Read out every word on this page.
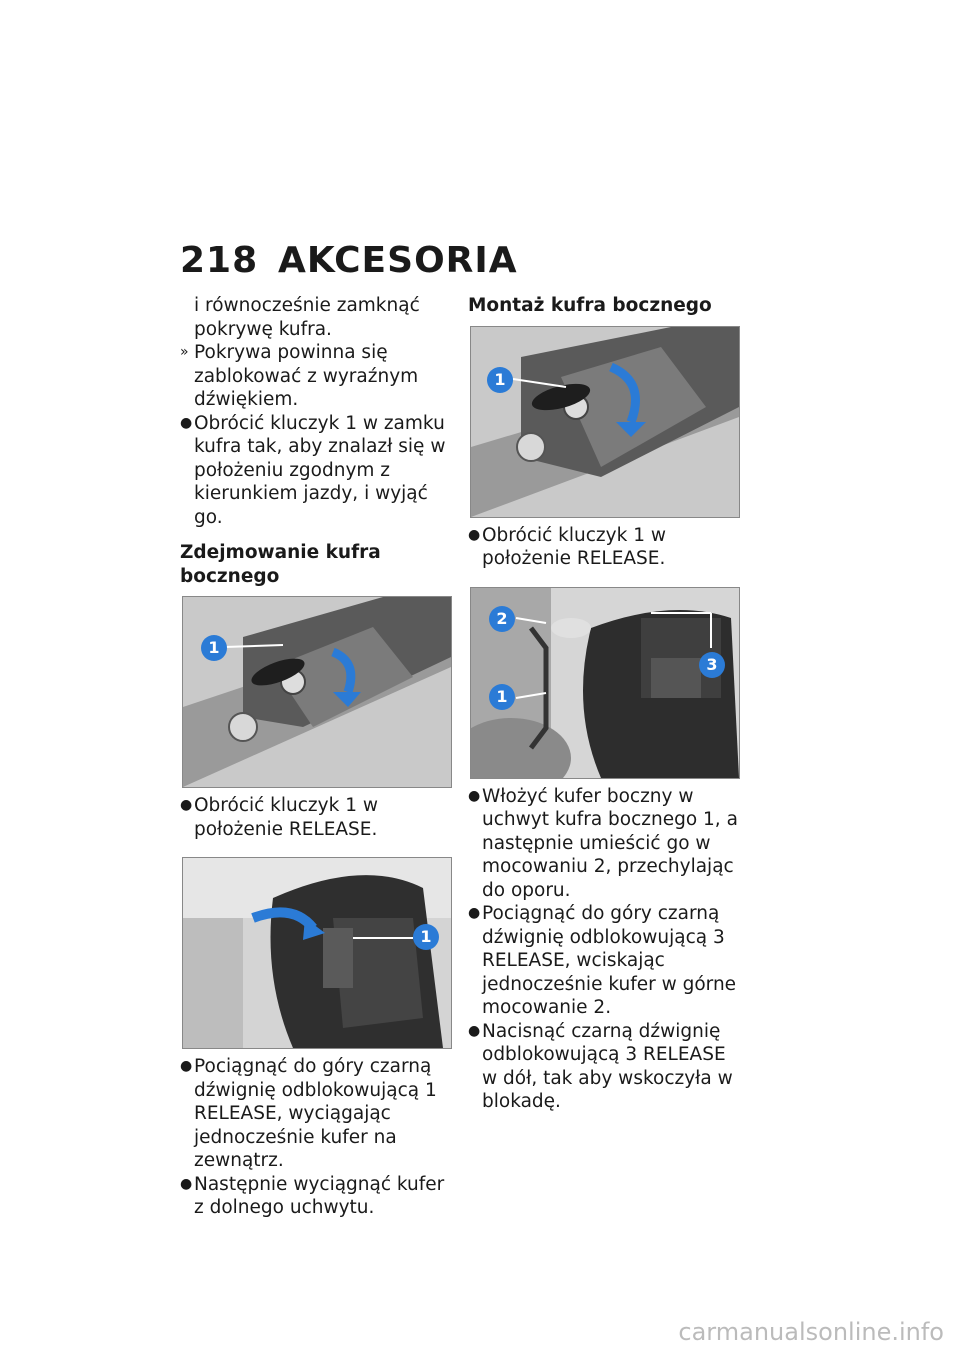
218 AKCESORIA

i równocześnie zamknąć pokrywę kufra.

» Pokrywa powinna się zablokować z wyraźnym dźwiękiem.

● Obrócić kluczyk 1 w zamku kufra tak, aby znalazł się w położeniu zgodnym z kierunkiem jazdy, i wyjąć go.

Zdejmowanie kufra bocznego

1

● Obrócić kluczyk 1 w położenie RELEASE.

1

● Pociągnąć do góry czarną dźwignię odblokowującą 1 RELEASE, wyciągając jednocześnie kufer na zewnątrz.

● Następnie wyciągnąć kufer z dolnego uchwytu.

Montaż kufra bocznego

1

● Obrócić kluczyk 1 w położenie RELEASE.

2
1
3

● Włożyć kufer boczny w uchwyt kufra bocznego 1, a następnie umieścić go w mocowaniu 2, przechylając do oporu.

● Pociągnąć do góry czarną dźwignię odblokowującą 3 RELEASE, wciskając jednocześnie kufer w górne mocowanie 2.

● Nacisnąć czarną dźwignię odblokowującą 3 RELEASE w dół, tak aby wskoczyła w blokadę.

carmanualsonline.info
